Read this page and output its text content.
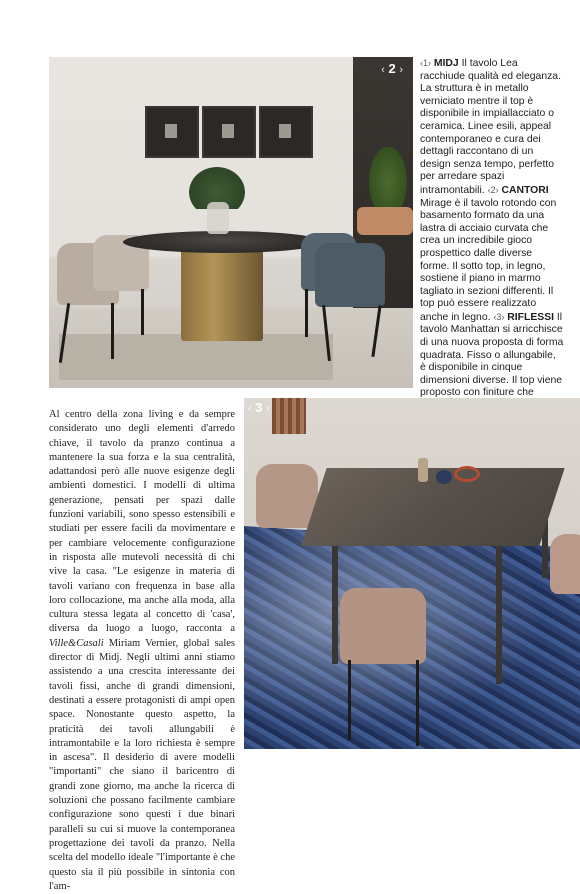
‹ 2 ›
‹1› MIDJ Il tavolo Lea racchiude qualità ed eleganza. La struttura è in metallo verniciato mentre il top è disponibile in impiallacciato o ceramica. Linee esili, appeal contemporaneo e cura dei dettagli raccontano di un design senza tempo, perfetto per arredare spazi intramontabili. ‹2› CANTORI Mirage è il tavolo rotondo con basamento formato da una lastra di acciaio curvata che crea un incredibile gioco prospettico dalle diverse forme. Il sotto top, in legno, sostiene il piano in marmo tagliato in sezioni differenti. Il top può essere realizzato anche in legno. ‹3› RIFLESSI Il tavolo Manhattan si arricchisce di una nuova proposta di forma quadrata. Fisso o allungabile, è disponibile in cinque dimensioni diverse. Il top viene proposto con finiture che

Al centro della zona living e da sempre considerato uno degli elementi d'arredo chiave, il tavolo da pranzo continua a mantenere la sua forza e la sua centralità, adattandosi però alle nuove esigenze degli ambienti domestici. I modelli di ultima generazione, pensati per spazi dalle funzioni variabili, sono spesso estensibili e studiati per essere facili da movimentare e per cambiare velocemente configurazione in risposta alle mutevoli necessità di chi vive la casa. "Le esigenze in materia di tavoli variano con frequenza in base alla loro collocazione, ma anche alla moda, alla cultura stessa legata al concetto di 'casa', diversa da luogo a luogo, racconta a Ville&Casali Miriam Vernier, global sales director di Midj. Negli ultimi anni stiamo assistendo a una crescita interessante dei tavoli fissi, anche di grandi dimensioni, destinati a essere protagonisti di ampi open space. Nonostante questo aspetto, la praticità dei tavoli allungabili è intramontabile e la loro richiesta è sempre in ascesa". Il desiderio di avere modelli "importanti" che siano il baricentro di grandi zone giorno, ma anche la ricerca di soluzioni che possano facilmente cambiare configurazione sono questi i due binari paralleli su cui si muove la contemporanea progettazione dei tavoli da pranzo. Nella scelta del modello ideale "l'importante è che questo sia il più possibile in sintonia con l'am-

‹ 3 ›
